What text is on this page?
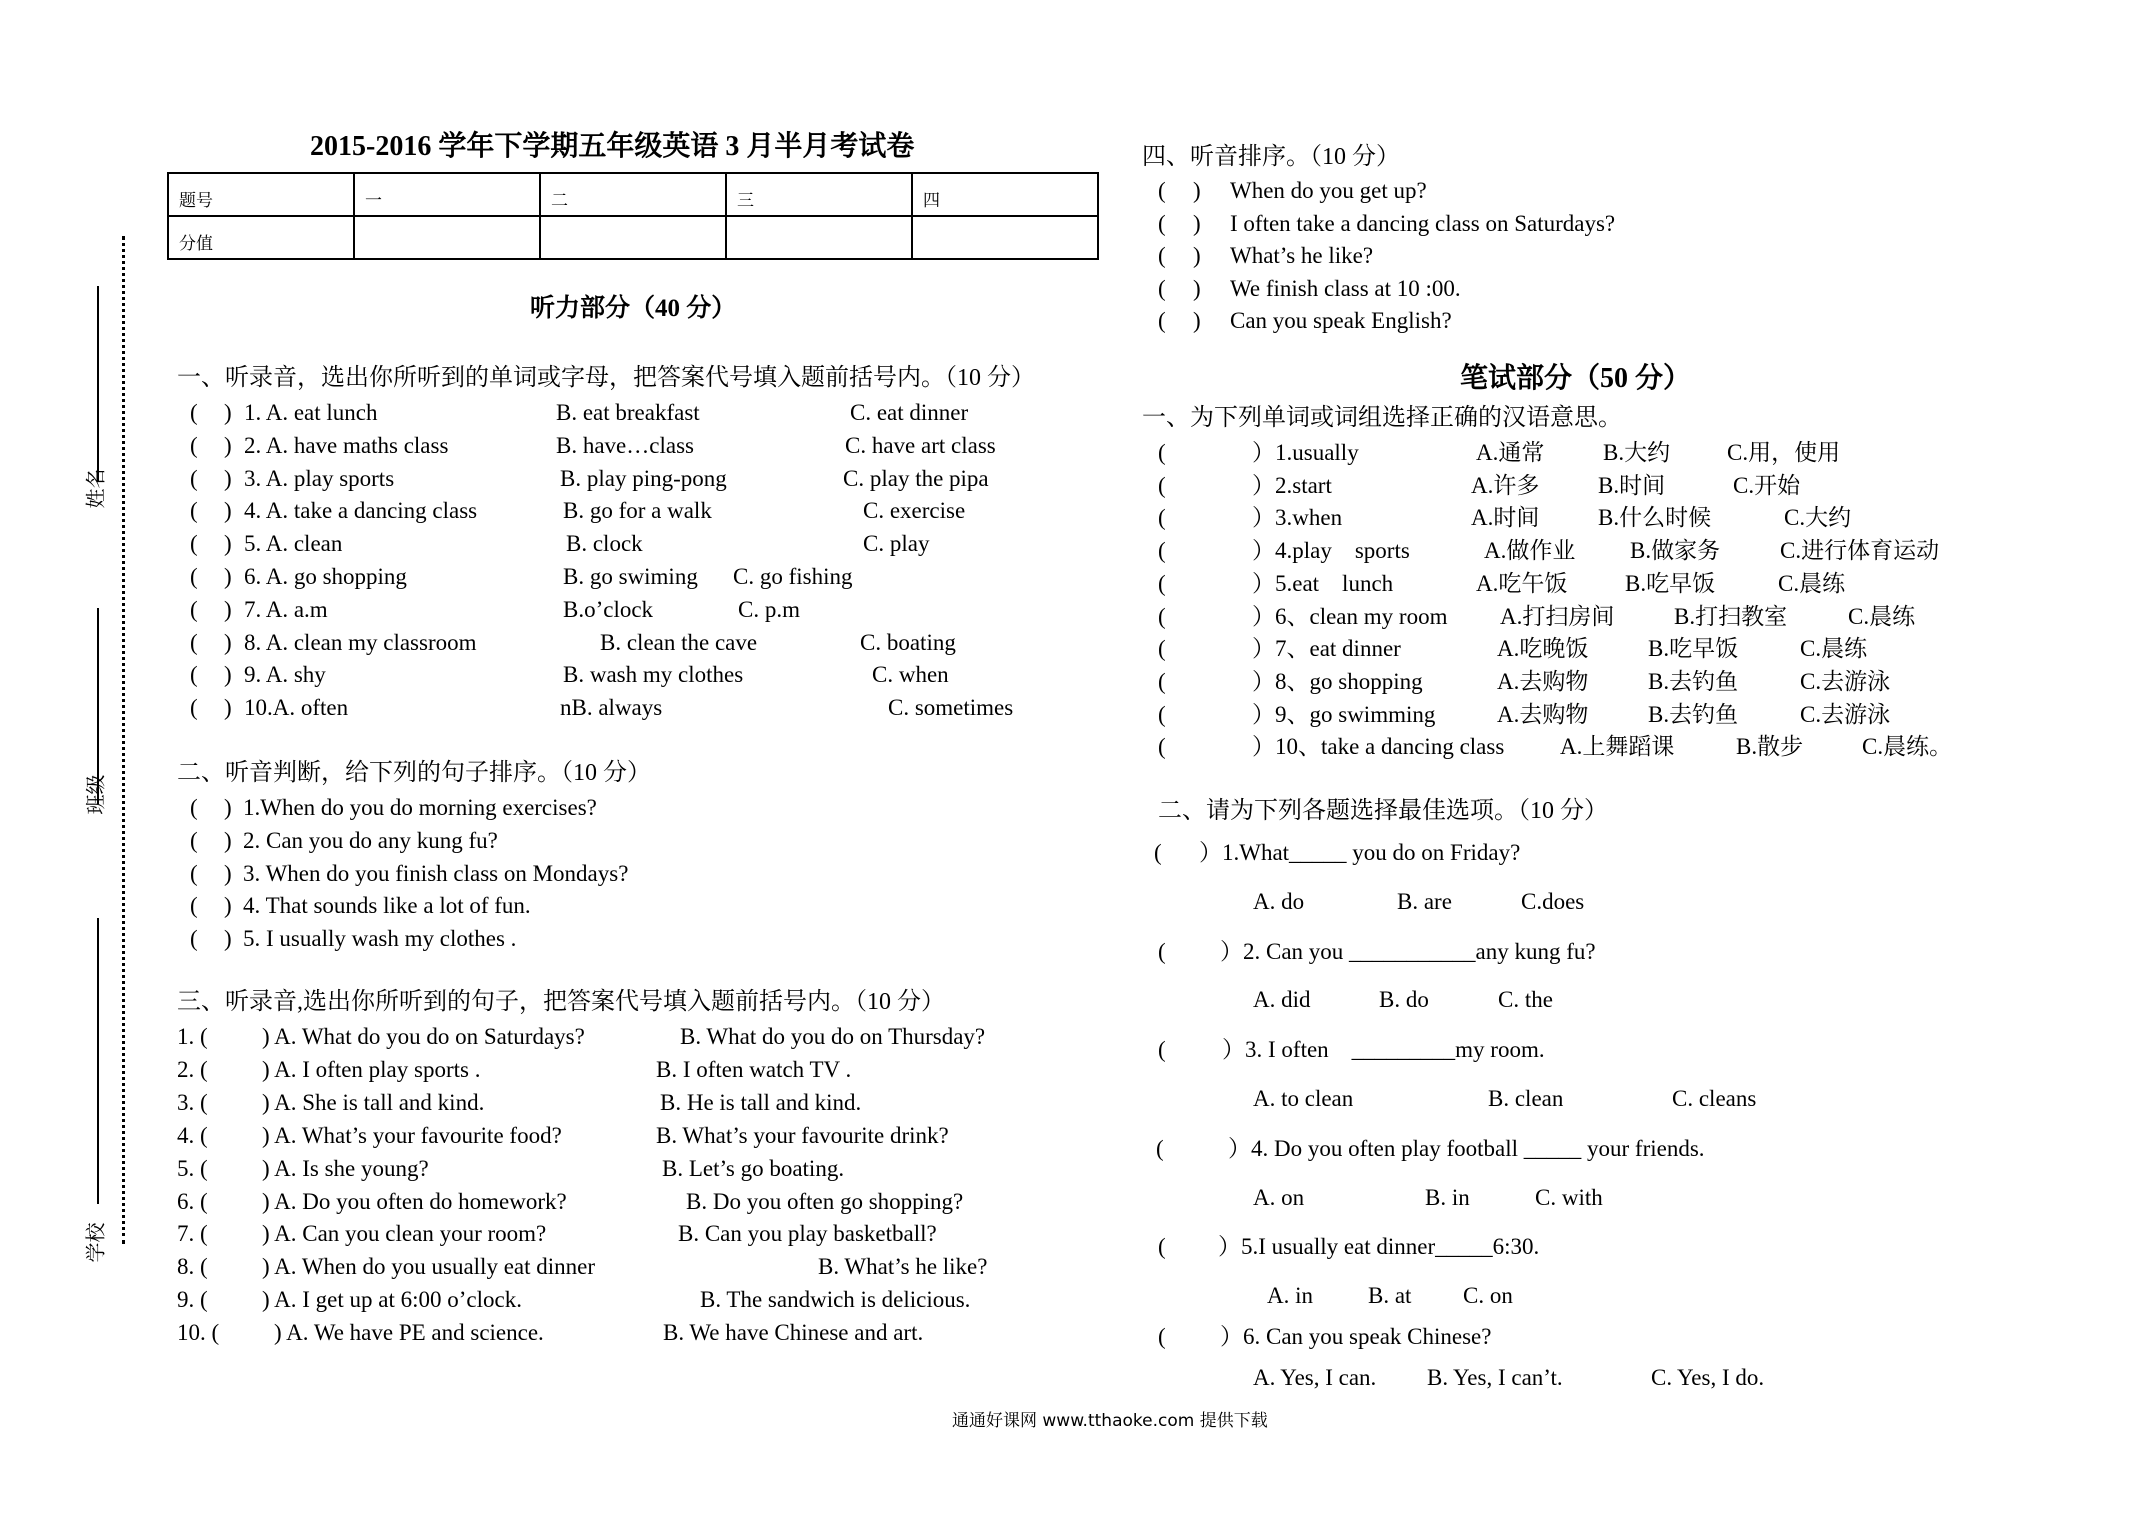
2015-2016 学年下学期五年级英语 3 月半月考试卷
题号	一	二	三	四
分值				
姓名
班级
学校
听力部分（40 分）
一、听录音，选出你所听到的单词或字母，把答案代号填入题前括号内。（10 分）
( 1. A. eat lunch	B. eat breakfast	C. eat dinner
( 2. A. have maths class	B. have…class	C. have art class
( 3. A. play sports	B. play ping-pong	C. play the pipa
( 4. A. take a dancing class	B. go for a walk	C. exercise
( 5. A. clean	B. clock	C. play
( 6. A. go shopping	B. go swiming C. go fishing
( 7. A. a.m	B.o’clock	C. p.m
( 8. A. clean my classroom	B. clean the cave	C. boating
( 9. A. shy	B. wash my clothes	C. when
( 10.A. often	nB. always	C. sometimes
)
)
)
)
)
)
)
)
)
)
二、听音判断，给下列的句子排序。（10 分）
( 1.When do you do morning exercises?
( 2. Can you do any kung fu?
( 3. When do you finish class on Mondays?
( 4. That sounds like a lot of fun.
( 5. I usually wash my clothes .
)
)
)
)
)
三、听录音,选出你所听到的句子，把答案代号填入题前括号内。（10 分）
1. ( ) A. What do you do on Saturdays?	B. What do you do on Thursday?
2. ( ) A. I often play sports .	B. I often watch TV .
3. ( ) A. She is tall and kind.	B. He is tall and kind.
4. ( ) A. What’s your favourite food?	B. What’s your favourite drink?
5. ( ) A. Is she young?	B. Let’s go boating.
6. ( ) A. Do you often do homework?	B. Do you often go shopping?
7. ( ) A. Can you clean your room?	B. Can you play basketball?
8. ( ) A. When do you usually eat dinner	B. What’s he like?
9. ( ) A. I get up at 6:00 o’clock.	B. The sandwich is delicious.
10. ( ) A. We have PE and science.	B. We have Chinese and art.
四、听音排序。（10 分）
( ) When do you get up?
( ) I often take a dancing class on Saturdays?
( ) What’s he like?
( ) We finish class at 10 :00.
( ) Can you speak English?
笔试部分（50 分）
一、为下列单词或词组选择正确的汉语意思。
(	）1.usually	A.通常	B.大约 C.用，使用
(	）2.start	A.许多	B.时间	C.开始
(	）3.when	A.时间	B.什么时候	C.大约
(	）4.play　sports	A.做作业 B.做家务	C.进行体育运动
(	）5.eat　lunch	A.吃午饭	B.吃早饭	C.晨练
(	）6、clean my room A.打扫房间	B.打扫教室	C.晨练
(	）7、eat dinner	A.吃晚饭	B.吃早饭	C.晨练
(	）8、go shopping	A.去购物	B.去钓鱼	C.去游泳
(	）9、go swimming	A.去购物	B.去钓鱼	C.去游泳
(	）10、take a dancing class A.上舞蹈课	B.散步	C.晨练。
二、请为下列各题选择最佳选项。（10 分）
( ）1.What_____ you do on Friday?
A. do	B. are	C.does
( ）2. Can you ___________any kung fu?
A. did	B. do	C. the
( ）3. I often　_________my room.
A. to clean	B. clean	C. cleans
(	）4. Do you often play football _____ your friends.
A. on	B. in	C. with
( ）5.I usually eat dinner_____6:30.
A. in B. at C. on
( ）6. Can you speak Chinese?
A. Yes, I can. B. Yes, I can’t.	C. Yes, I do.
通通好课网 www.tthaoke.com 提供下载
